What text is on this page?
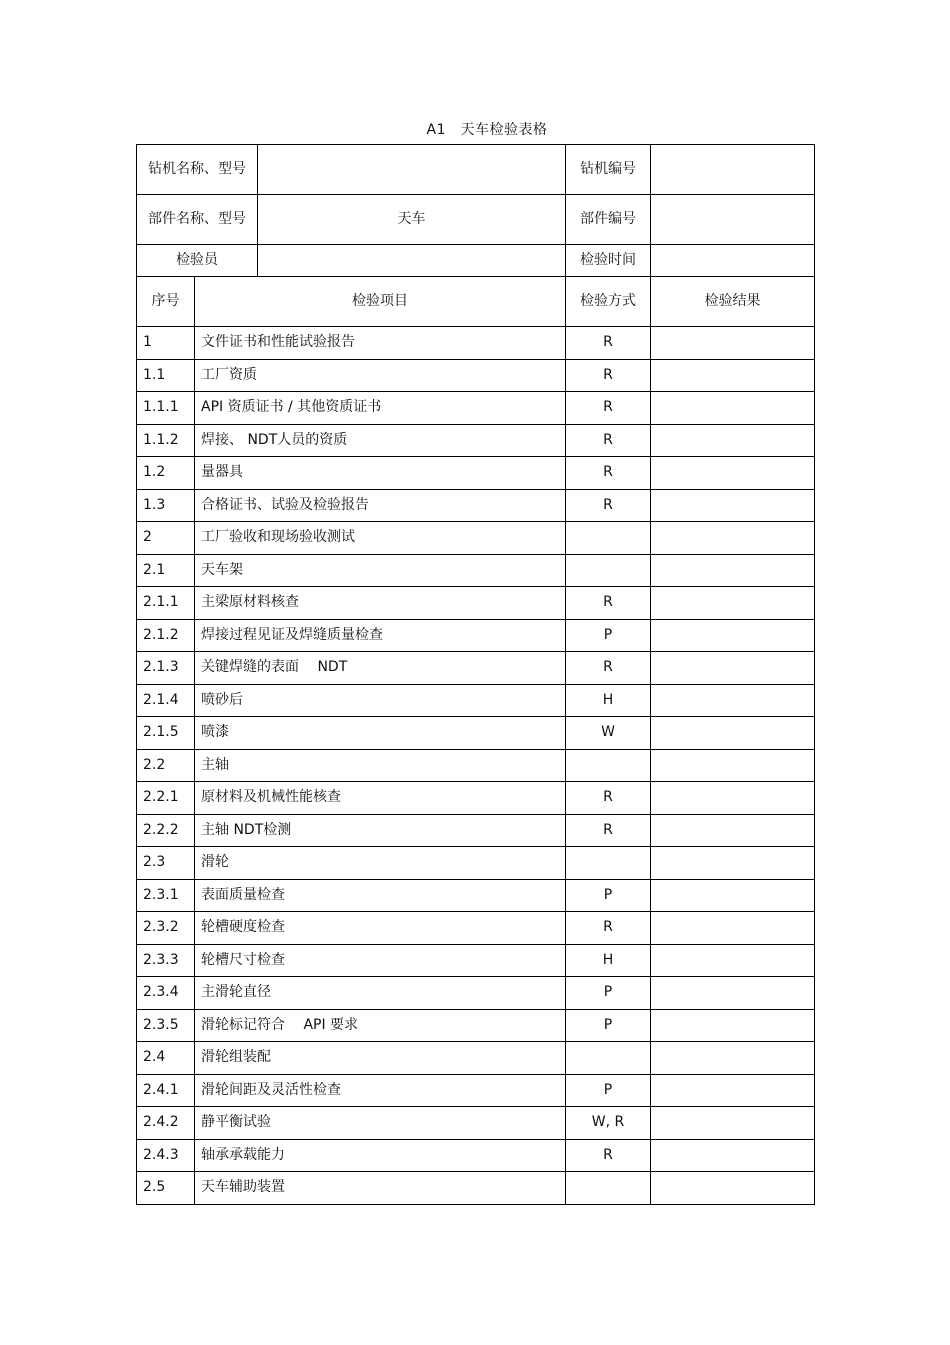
A1　天车检验表格
钻机名称、型号			钻机编号	
部件名称、型号		天车	部件编号	
检验员			检验时间	
序号	检验项目		检验方式	检验结果
1	文件证书和性能试验报告		R	
1.1	工厂资质		R	
1.1.1	API 资质证书 / 其他资质证书		R	
1.1.2	焊接、 NDT人员的资质		R	
1.2	量器具		R	
1.3	合格证书、试验及检验报告		R	
2	工厂验收和现场验收测试			
2.1	天车架			
2.1.1	主梁原材料核查		R	
2.1.2	焊接过程见证及焊缝质量检查		P	
2.1.3	关键焊缝的表面　 NDT		R	
2.1.4	喷砂后		H	
2.1.5	喷漆		W	
2.2	主轴			
2.2.1	原材料及机械性能核查		R	
2.2.2	主轴 NDT检测		R	
2.3	滑轮			
2.3.1	表面质量检查		P	
2.3.2	轮槽硬度检查		R	
2.3.3	轮槽尺寸检查		H	
2.3.4	主滑轮直径		P	
2.3.5	滑轮标记符合　 API 要求		P	
2.4	滑轮组装配			
2.4.1	滑轮间距及灵活性检查		P	
2.4.2	静平衡试验		W, R	
2.4.3	轴承承载能力		R	
2.5	天车辅助装置			
